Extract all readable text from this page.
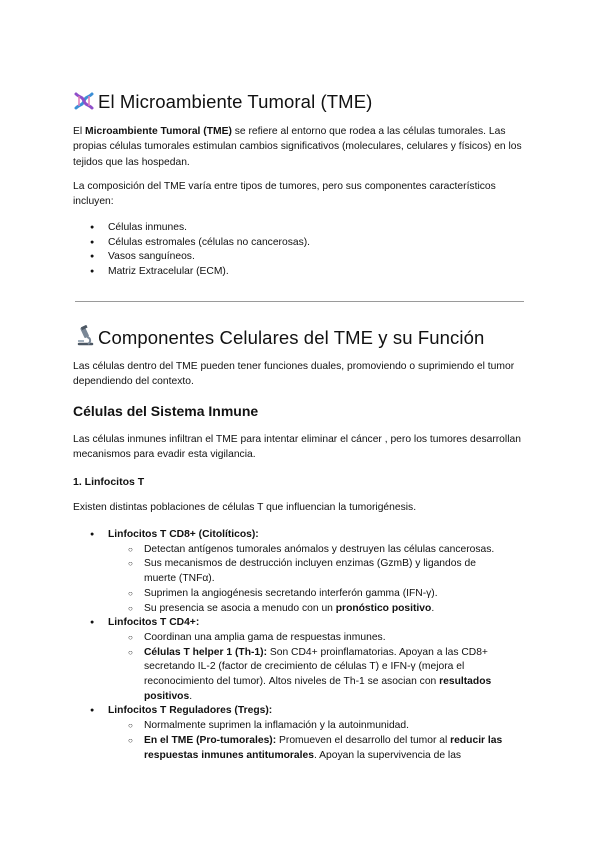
El Microambiente Tumoral (TME)

El Microambiente Tumoral (TME) se refiere al entorno que rodea a las células tumorales. Las propias células tumorales estimulan cambios significativos (moleculares, celulares y físicos) en los tejidos que las hospedan.

La composición del TME varía entre tipos de tumores, pero sus componentes característicos incluyen:

● Células inmunes.
● Células estromales (células no cancerosas).
● Vasos sanguíneos.
● Matriz Extracelular (ECM).
Componentes Celulares del TME y su Función

Las células dentro del TME pueden tener funciones duales, promoviendo o suprimiendo el tumor dependiendo del contexto.

Células del Sistema Inmune

Las células inmunes infiltran el TME para intentar eliminar el cáncer , pero los tumores desarrollan mecanismos para evadir esta vigilancia.

1. Linfocitos T

Existen distintas poblaciones de células T que influencian la tumorigénesis.

● Linfocitos T CD8+ (Citolíticos):
○ Detectan antígenos tumorales anómalos y destruyen las células cancerosas.
○ Sus mecanismos de destrucción incluyen enzimas (GzmB) y ligandos de muerte (TNFα).
○ Suprimen la angiogénesis secretando interferón gamma (IFN-γ).
○ Su presencia se asocia a menudo con un pronóstico positivo.
● Linfocitos T CD4+:
○ Coordinan una amplia gama de respuestas inmunes.
○ Células T helper 1 (Th-1): Son CD4+ proinflamatorias. Apoyan a las CD8+ secretando IL-2 (factor de crecimiento de células T) e IFN-γ (mejora el reconocimiento del tumor). Altos niveles de Th-1 se asocian con resultados positivos.
● Linfocitos T Reguladores (Tregs):
○ Normalmente suprimen la inflamación y la autoinmunidad.
○ En el TME (Pro-tumorales): Promueven el desarrollo del tumor al reducir las respuestas inmunes antitumorales. Apoyan la supervivencia de las
